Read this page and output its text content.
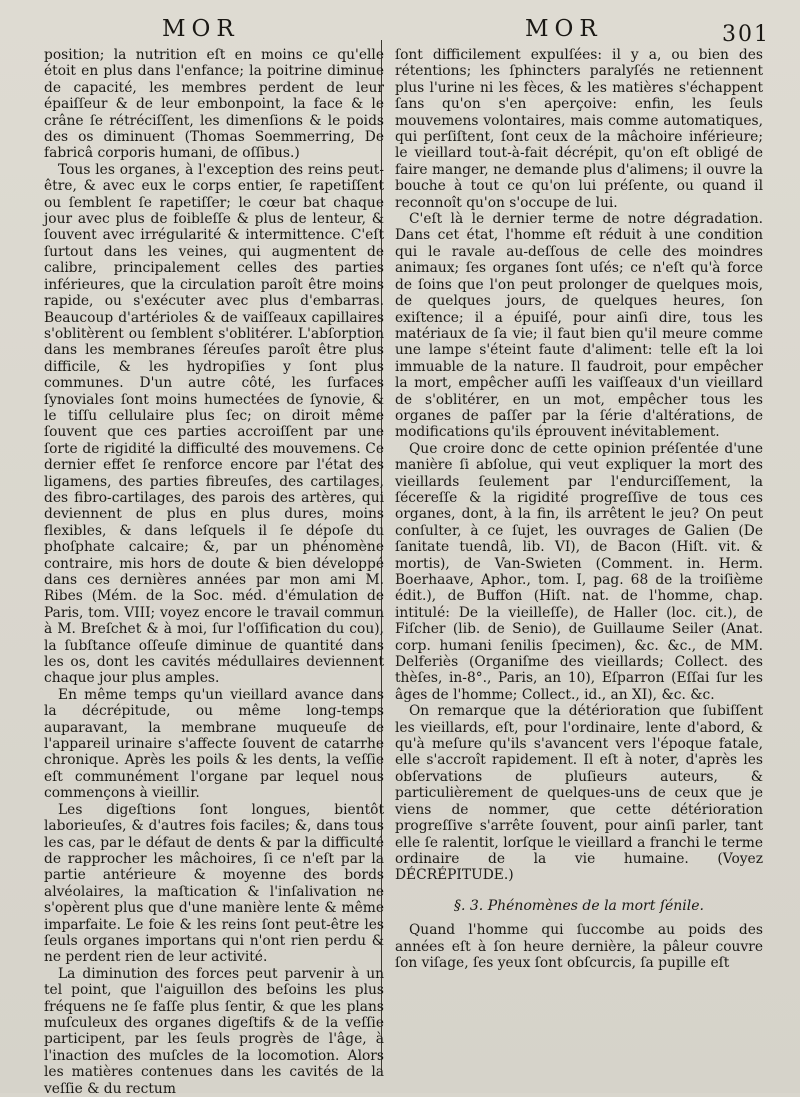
MOR	MOR	301

position; la nutrition eſt en moins ce qu'elle étoit en plus dans l'enfance; la poitrine diminue de capacité, les membres perdent de leur épaiſſeur & de leur embonpoint, la face & le crâne ſe rétréciſſent, les dimenſions & le poids des os diminuent (Thomas Soemmerring, De fabricâ corporis humani, de oſſibus.)

Tous les organes, à l'exception des reins peut-être, & avec eux le corps entier, ſe rapetiſſent ou ſemblent ſe rapetiſſer; le cœur bat chaque jour avec plus de foibleſſe & plus de lenteur, & ſouvent avec irrégularité & intermittence. C'eſt ſurtout dans les veines, qui augmentent de calibre, principalement celles des parties inférieures, que la circulation paroît être moins rapide, ou s'exécuter avec plus d'embarras. Beaucoup d'artérioles & de vaiſſeaux capillaires s'oblitèrent ou ſemblent s'oblitérer. L'abſorption dans les membranes ſéreuſes paroît être plus difficile, & les hydropiſies y ſont plus communes. D'un autre côté, les ſurfaces ſynoviales ſont moins humectées de ſynovie, & le tiſſu cellulaire plus ſec; on diroit même ſouvent que ces parties accroiſſent par une ſorte de rigidité la difficulté des mouvemens. Ce dernier effet ſe renforce encore par l'état des ligamens, des parties fibreuſes, des cartilages, des fibro-cartilages, des parois des artères, qui deviennent de plus en plus dures, moins flexibles, & dans leſquels il ſe dépoſe du phoſphate calcaire; &, par un phénomène contraire, mis hors de doute & bien développé dans ces dernières années par mon ami M. Ribes (Mém. de la Soc. méd. d'émulation de Paris, tom. VIII; voyez encore le travail commun à M. Breſchet & à moi, ſur l'oſſification du cou), la ſubſtance oſſeuſe diminue de quantité dans les os, dont les cavités médullaires deviennent chaque jour plus amples.

En même temps qu'un vieillard avance dans la décrépitude, ou même long-temps auparavant, la membrane muqueuſe de l'appareil urinaire s'affecte ſouvent de catarrhe chronique. Après les poils & les dents, la veſſie eſt communément l'organe par lequel nous commençons à vieillir.

Les digeſtions ſont longues, bientôt laborieuſes, & d'autres fois faciles; &, dans tous les cas, par le défaut de dents & par la difficulté de rapprocher les mâchoires, ſi ce n'eſt par la partie antérieure & moyenne des bords alvéolaires, la maſtication & l'inſalivation ne s'opèrent plus que d'une manière lente & même imparfaite. Le foie & les reins ſont peut-être les ſeuls organes importans qui n'ont rien perdu & ne perdent rien de leur activité.

La diminution des forces peut parvenir à un tel point, que l'aiguillon des beſoins les plus fréquens ne ſe faſſe plus ſentir, & que les plans muſculeux des organes digeſtifs & de la veſſie participent, par les ſeuls progrès de l'âge, à l'inaction des muſcles de la locomotion. Alors les matières contenues dans les cavités de la veſſie & du rectum

ſont difficilement expulſées: il y a, ou bien des rétentions; les ſphincters paralyſés ne retiennent plus l'urine ni les fèces, & les matières s'échappent ſans qu'on s'en aperçoive: enfin, les ſeuls mouvemens volontaires, mais comme automatiques, qui perſiſtent, ſont ceux de la mâchoire inférieure; le vieillard tout-à-fait décrépit, qu'on eſt obligé de faire manger, ne demande plus d'alimens; il ouvre la bouche à tout ce qu'on lui préſente, ou quand il reconnoît qu'on s'occupe de lui.

C'eſt là le dernier terme de notre dégradation. Dans cet état, l'homme eſt réduit à une condition qui le ravale au-deſſous de celle des moindres animaux; ſes organes ſont uſés; ce n'eſt qu'à force de ſoins que l'on peut prolonger de quelques mois, de quelques jours, de quelques heures, ſon exiſtence; il a épuiſé, pour ainſi dire, tous les matériaux de ſa vie; il faut bien qu'il meure comme une lampe s'éteint faute d'aliment: telle eſt la loi immuable de la nature. Il faudroit, pour empêcher la mort, empêcher auſſi les vaiſſeaux d'un vieillard de s'oblitérer, en un mot, empêcher tous les organes de paſſer par la ſérie d'altérations, de modifications qu'ils éprouvent inévitablement.

Que croire donc de cette opinion préſentée d'une manière ſi abſolue, qui veut expliquer la mort des vieillards ſeulement par l'endurciſſement, la ſécereſſe & la rigidité progreſſive de tous ces organes, dont, à la fin, ils arrêtent le jeu? On peut conſulter, à ce ſujet, les ouvrages de Galien (De ſanitate tuendâ, lib. VI), de Bacon (Hiſt. vit. & mortis), de Van-Swieten (Comment. in. Herm. Boerhaave, Aphor., tom. I, pag. 68 de la troiſième édit.), de Buffon (Hiſt. nat. de l'homme, chap. intitulé: De la vieilleſſe), de Haller (loc. cit.), de Fiſcher (lib. de Senio), de Guillaume Seiler (Anat. corp. humani ſenilis ſpecimen), &c. &c., de MM. Delferiès (Organiſme des vieillards; Collect. des thèſes, in-8°., Paris, an 10), Eſparron (Eſſai ſur les âges de l'homme; Collect., id., an XI), &c. &c.

On remarque que la détérioration que ſubiſſent les vieillards, eſt, pour l'ordinaire, lente d'abord, & qu'à meſure qu'ils s'avancent vers l'époque fatale, elle s'accroît rapidement. Il eſt à noter, d'après les obſervations de pluſieurs auteurs, & particulièrement de quelques-uns de ceux que je viens de nommer, que cette détérioration progreſſive s'arrête ſouvent, pour ainſi parler, tant elle ſe ralentit, lorſque le vieillard a franchi le terme ordinaire de la vie humaine. (Voyez DÉCRÉPITUDE.)

§. 3. Phénomènes de la mort ſénile.

Quand l'homme qui ſuccombe au poids des années eſt à ſon heure dernière, la pâleur couvre ſon viſage, ſes yeux ſont obſcurcis, ſa pupille eſt
